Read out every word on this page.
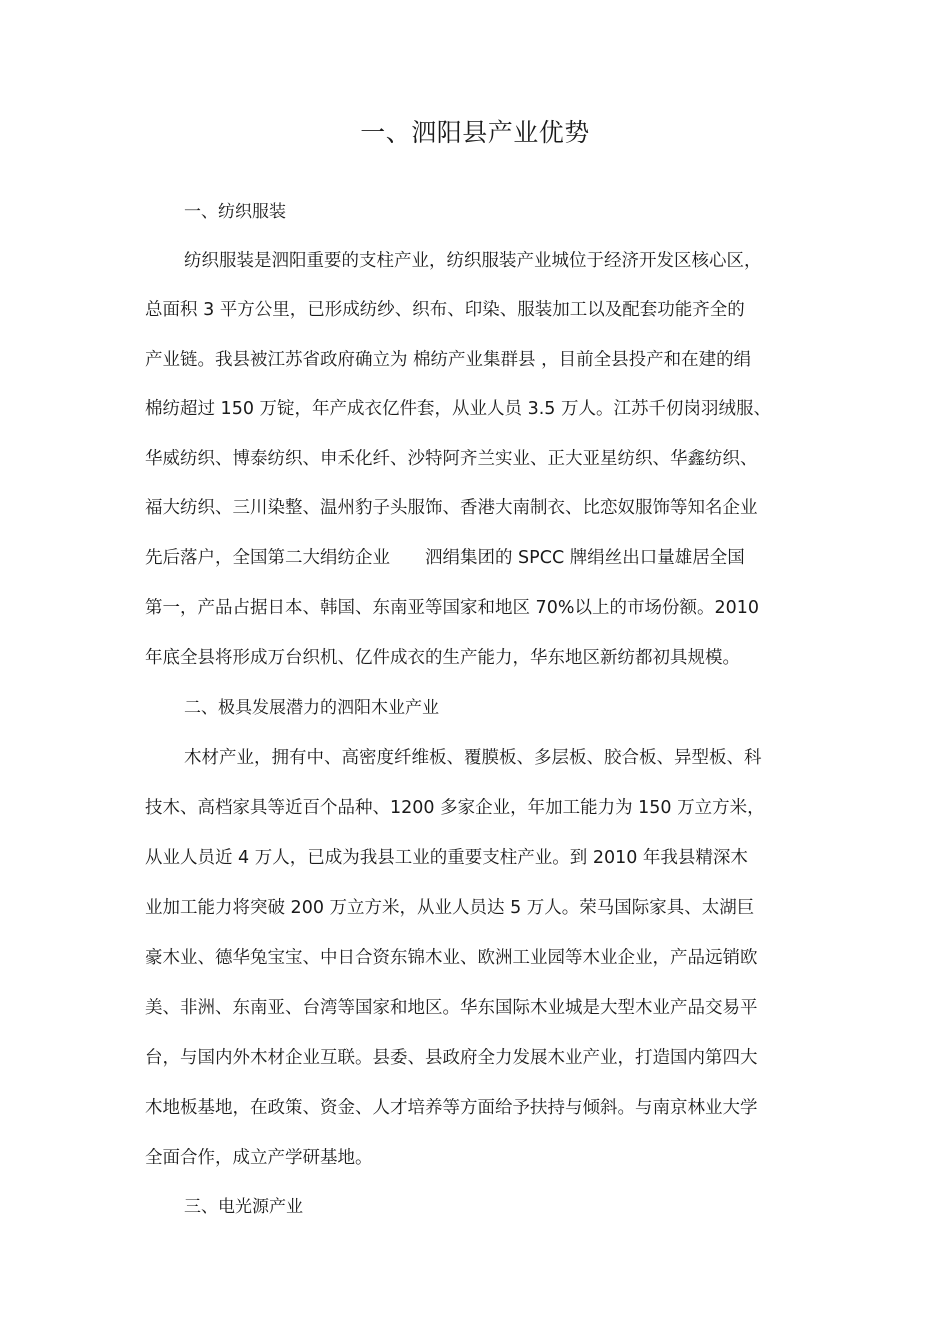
一、泗阳县产业优势
一、纺织服装

纺织服装是泗阳重要的支柱产业，纺织服装产业城位于经济开发区核心区，

总面积 3 平方公里，已形成纺纱、织布、印染、服装加工以及配套功能齐全的

产业链。我县被江苏省政府确立为 棉纺产业集群县 ，目前全县投产和在建的绢

棉纺超过 150 万锭，年产成衣亿件套，从业人员 3.5 万人。江苏千仞岗羽绒服、

华威纺织、博泰纺织、申禾化纤、沙特阿齐兰实业、正大亚星纺织、华鑫纺织、

福大纺织、三川染整、温州豹子头服饰、香港大南制衣、比恋奴服饰等知名企业

先后落户，全国第二大绢纺企业　　泗绢集团的 SPCC 牌绢丝出口量雄居全国

第一，产品占据日本、韩国、东南亚等国家和地区 70%以上的市场份额。2010

年底全县将形成万台织机、亿件成衣的生产能力，华东地区新纺都初具规模。

二、极具发展潜力的泗阳木业产业

木材产业，拥有中、高密度纤维板、覆膜板、多层板、胶合板、异型板、科

技木、高档家具等近百个品种、1200 多家企业，年加工能力为 150 万立方米，

从业人员近 4 万人，已成为我县工业的重要支柱产业。到 2010 年我县精深木

业加工能力将突破 200 万立方米，从业人员达 5 万人。荣马国际家具、太湖巨

豪木业、德华兔宝宝、中日合资东锦木业、欧洲工业园等木业企业，产品远销欧

美、非洲、东南亚、台湾等国家和地区。华东国际木业城是大型木业产品交易平

台，与国内外木材企业互联。县委、县政府全力发展木业产业，打造国内第四大

木地板基地，在政策、资金、人才培养等方面给予扶持与倾斜。与南京林业大学

全面合作，成立产学研基地。

三、电光源产业
